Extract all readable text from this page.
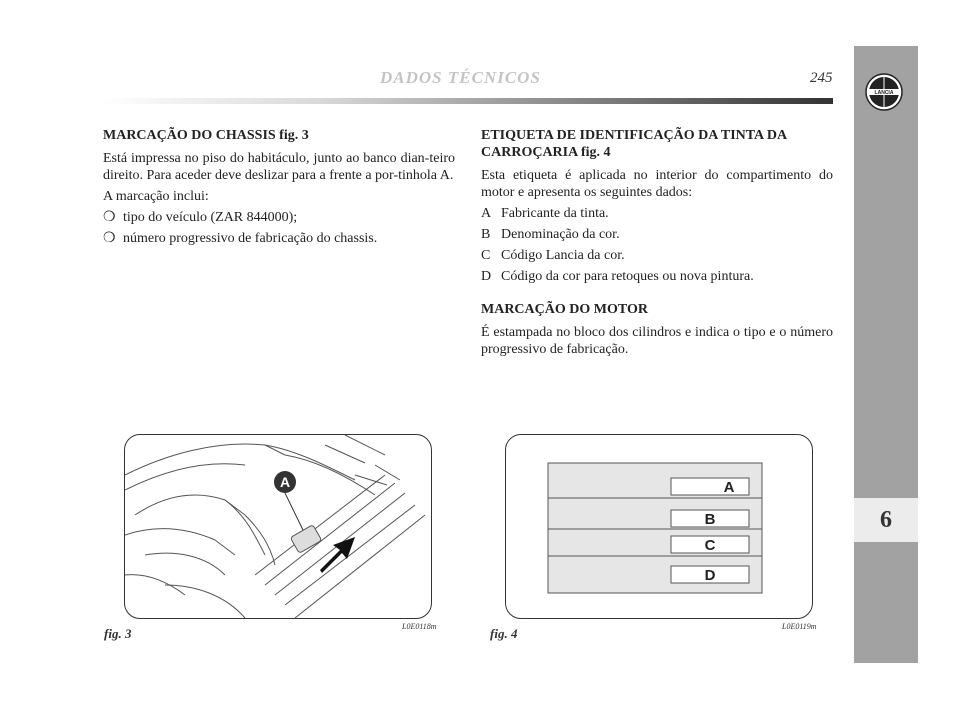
DADOS TÉCNICOS	245
LANCIA
6
MARCAÇÃO DO CHASSIS fig. 3
Está impressa no piso do habitáculo, junto ao banco dian-teiro direito. Para aceder deve deslizar para a frente a por-tinhola A.
A marcação inclui:
❍ tipo do veículo (ZAR 844000);
❍ número progressivo de fabricação do chassis.
ETIQUETA DE IDENTIFICAÇÃO DA TINTA DA CARROÇARIA fig. 4
Esta etiqueta é aplicada no interior do compartimento do motor e apresenta os seguintes dados:
A Fabricante da tinta.
B Denominação da cor.
C Código Lancia da cor.
D Código da cor para retoques ou nova pintura.
MARCAÇÃO DO MOTOR
É estampada no bloco dos cilindros e indica o tipo e o número progressivo de fabricação.
A
fig. 3	L0E0118m
A
B
C
D
fig. 4	L0E0119m
